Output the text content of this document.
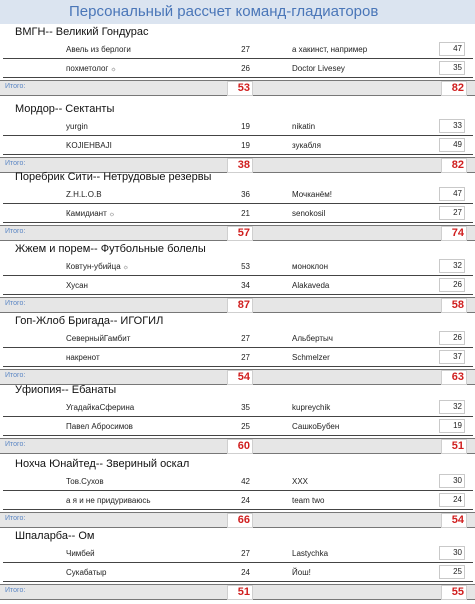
Персональный рассчет команд-гладиаторов
ВМГН-- Великий Гондурас
Авель из берлоги	27	а хакинст, например	47
похметолог ☼	26	Doctor Livesey	35
Итого:	53	82
Мордор-- Сектанты
yurgin	19	nikatin	33
KOJIEHBAJI	19	зукабля	49
Итого:	38	82
Поребрик Сити-- Нетрудовые резервы
Z.H.L.O.B	36	Мочканём!	47
Камидиант ☼	21	senokosil	27
Итого:	57	74
Жжем и порем-- Футбольные болелы
Ковтун-убийца ☼	53	моноклон	32
Хусан	34	Alakaveda	26
Итого:	87	58
Гоп-Жлоб Бригада-- ИГОГИЛ
СеверныйГамбит	27	Альбертыч	26
накренот	27	Schmelzer	37
Итого:	54	63
Уфиопия-- Ебанаты
УгадайкаСферина	35	kupreychik	32
Павел Абросимов	25	СашкоБубен	19
Итого:	60	51
Нохча Юнайтед-- Звериный оскал
Тов.Сухов	42	XXX	30
а я и не придуриваюсь	24	team two	24
Итого:	66	54
Шпаларба-- Ом
Чимбей	27	Lastychka	30
Сукабатыр	24	Йош!	25
Итого:	51	55
